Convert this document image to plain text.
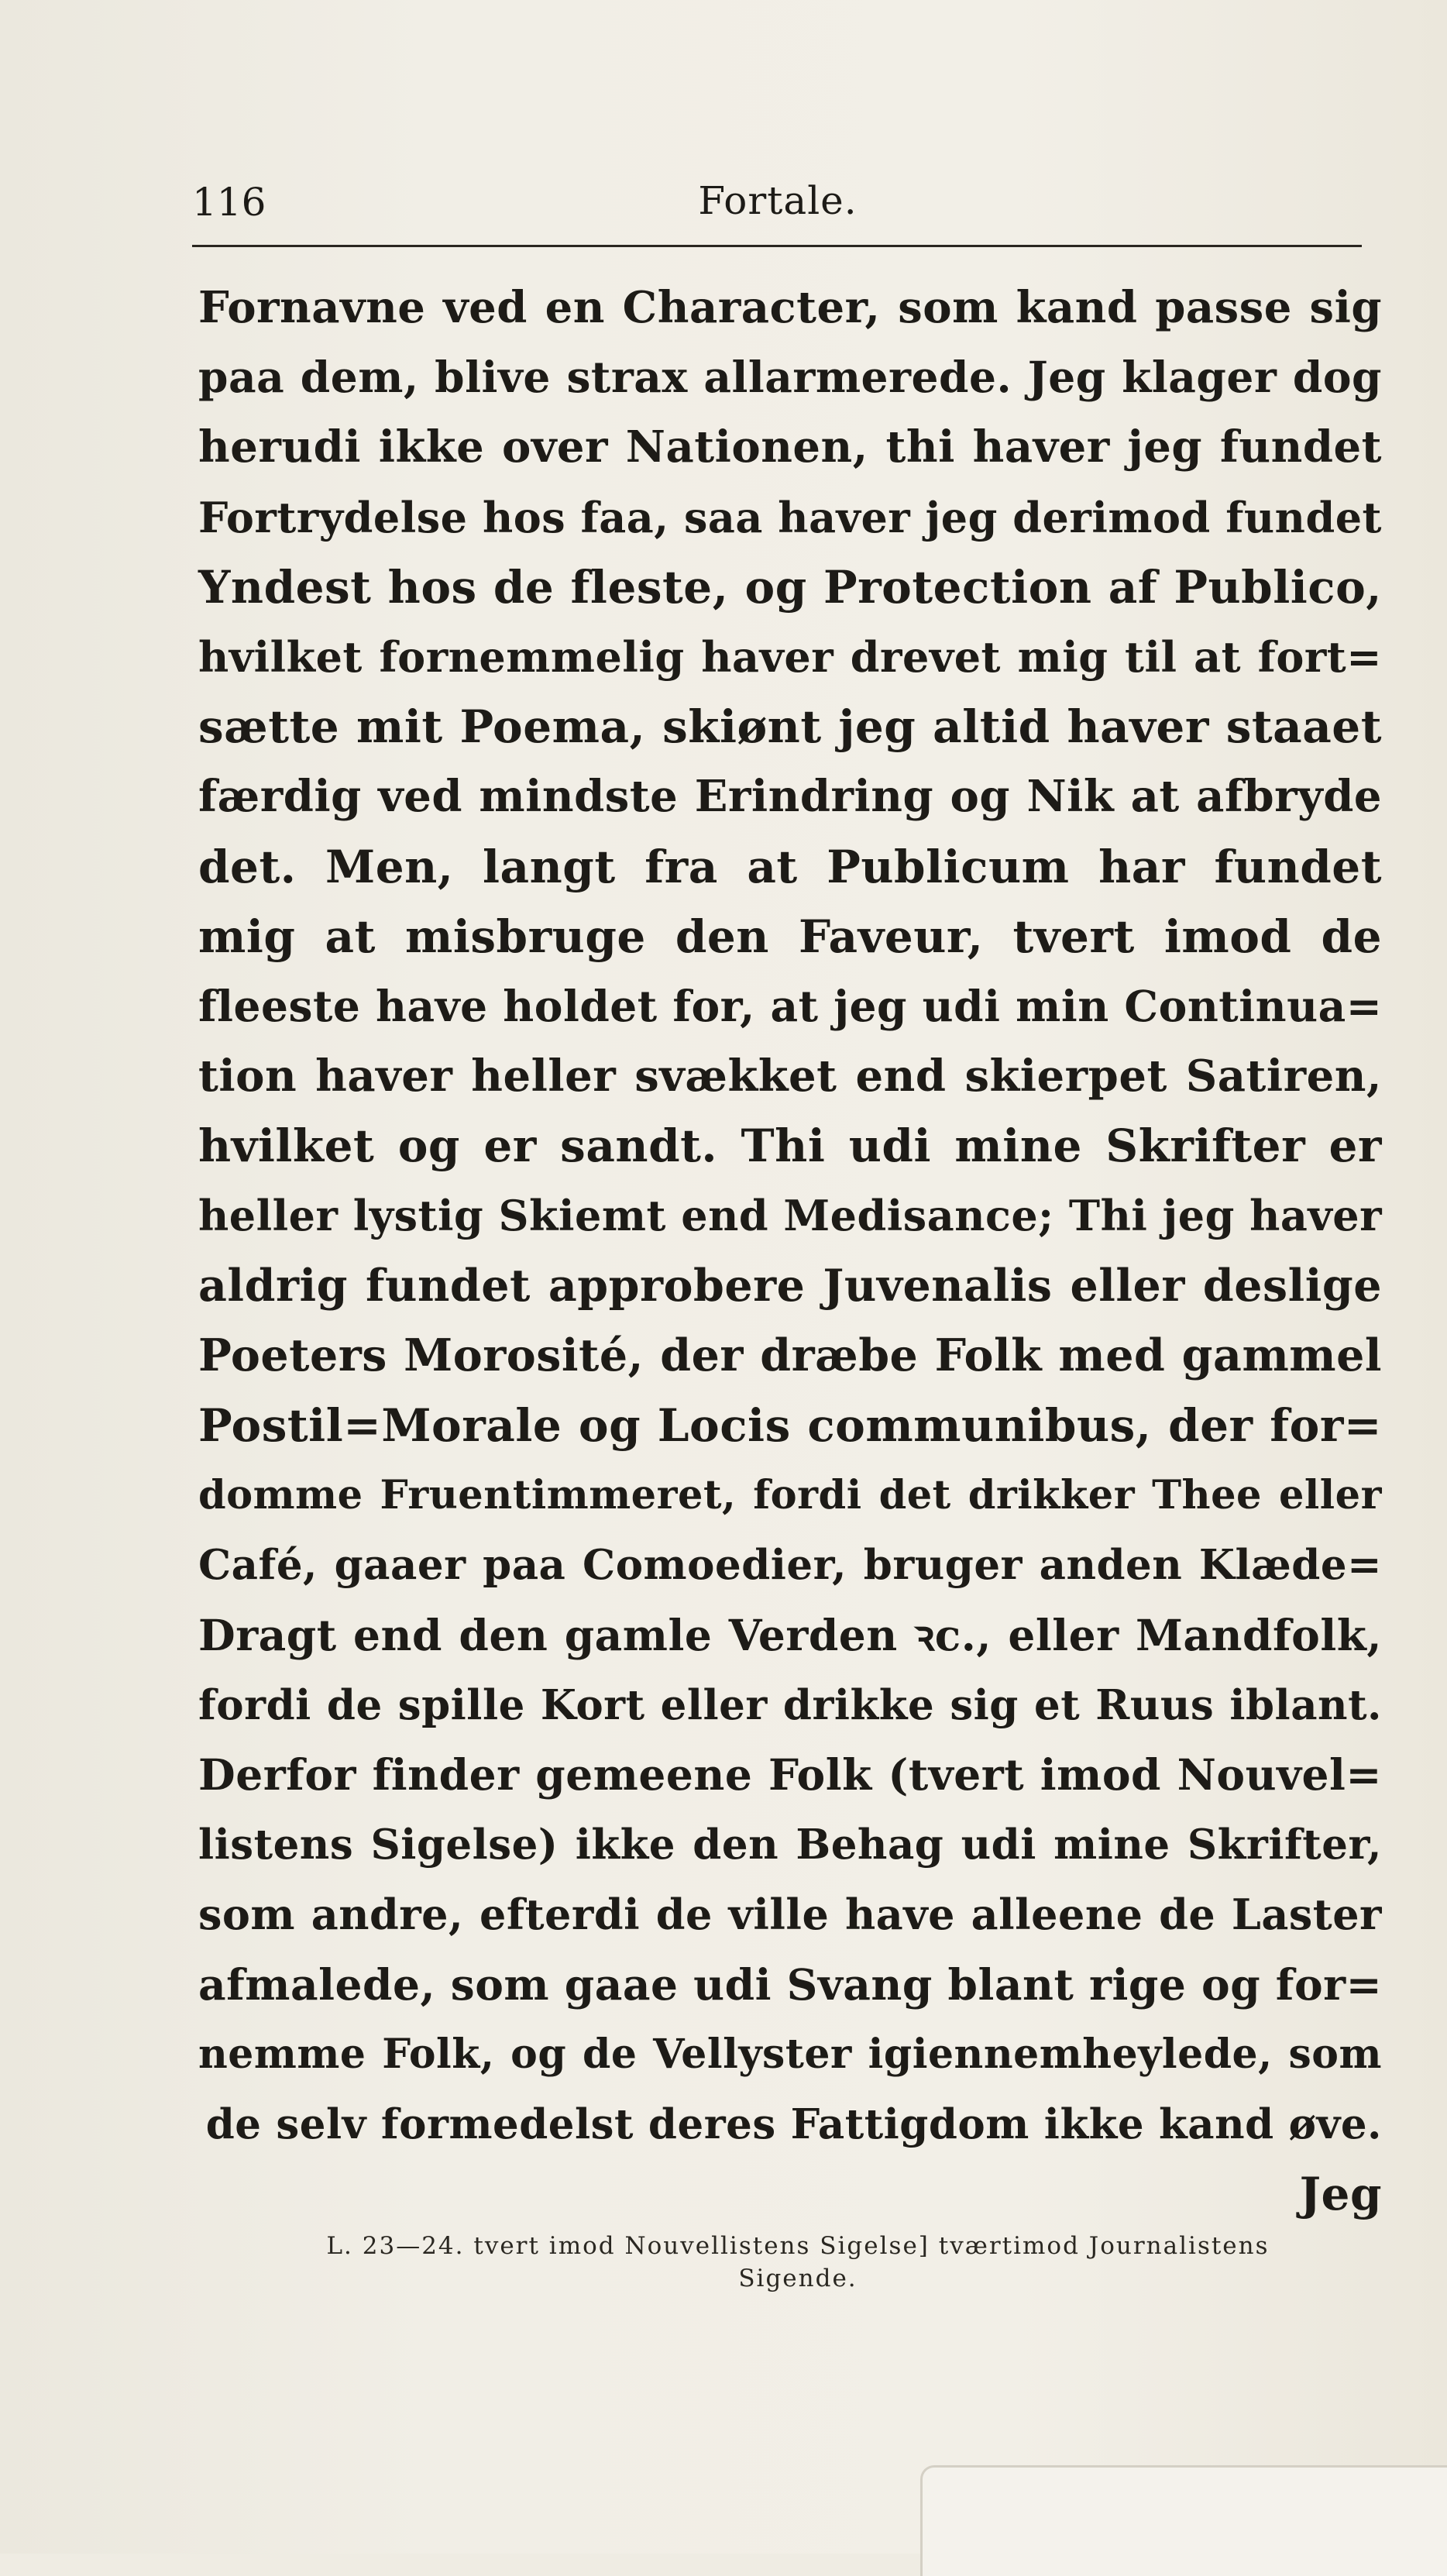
116	Fortale.
Fornavne ved en Character, som kand passe sig
paa dem, blive strax allarmerede. Jeg klager dog
herudi ikke over Nationen, thi haver jeg fundet
Fortrydelse hos faa, saa haver jeg derimod fundet
Yndest hos de fleste, og Protection af Publico,
hvilket fornemmelig haver drevet mig til at fort=
sætte mit Poema, skiønt jeg altid haver staaet
færdig ved mindste Erindring og Nik at afbryde
det. Men, langt fra at Publicum har fundet
mig at misbruge den Faveur, tvert imod de
fleeste have holdet for, at jeg udi min Continua=
tion haver heller svækket end skierpet Satiren,
hvilket og er sandt. Thi udi mine Skrifter er
heller lystig Skiemt end Medisance; Thi jeg haver
aldrig fundet approbere Juvenalis eller deslige
Poeters Morosité, der dræbe Folk med gammel
Postil=Morale og Locis communibus, der for=
domme Fruentimmeret, fordi det drikker Thee eller
Café, gaaer paa Comoedier, bruger anden Klæde=
Dragt end den gamle Verden ꝛc., eller Mandfolk,
fordi de spille Kort eller drikke sig et Ruus iblant.
Derfor finder gemeene Folk (tvert imod Nouvel=
listens Sigelse) ikke den Behag udi mine Skrifter,
som andre, efterdi de ville have alleene de Laster
afmalede, som gaae udi Svang blant rige og for=
nemme Folk, og de Vellyster igiennemheylede, som
de selv formedelst deres Fattigdom ikke kand øve.
Jeg
L. 23—24. tvert imod Nouvellistens Sigelse] tværtimod Journalistens
Sigende.
